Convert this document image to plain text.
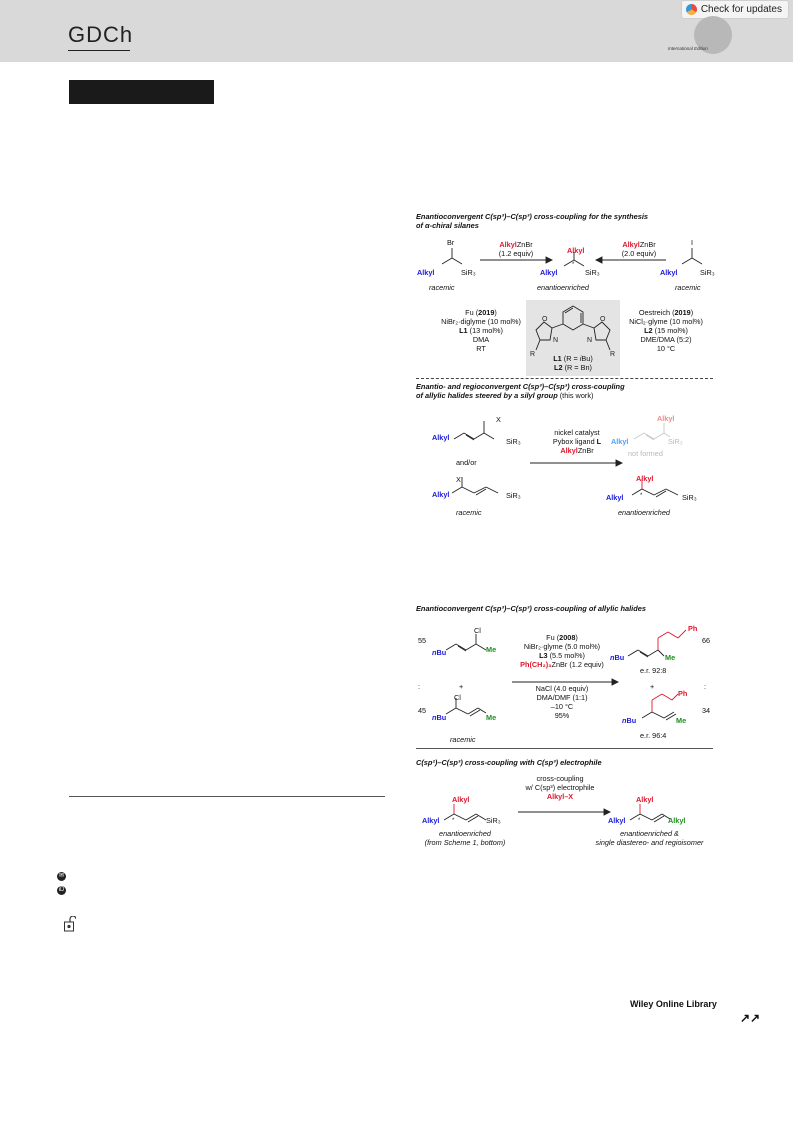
GDCh
Check for updates
International Edition
Enantioconvergent C(sp³)–C(sp³) cross-coupling for the synthesis
of α-chiral silanes
Br
Alkyl	SiR₃
racemic
AlkylZnBr
(1.2 equiv)	Alkyl
Alkyl	SiR₃
enantioenriched
AlkylZnBr
(2.0 equiv)
I
Alkyl	SiR₃
racemic
*
Fu (2019)
NiBr₂·diglyme (10 mol%)
L1 (13 mol%)
DMA
RT
O	O
N	N
R	R
L1 (R = iBu)
L2 (R = Bn)
Oestreich (2019)
NiCl₂·glyme (10 mol%)
L2 (15 mol%)
DME/DMA (5:2)
10 °C
Enantio- and regioconvergent C(sp³)–C(sp³) cross-coupling
of allylic halides steered by a silyl group (this work)
X
Alkyl	SiR₃
and/or
X
Alkyl	SiR₃
racemic
nickel catalyst
Pybox ligand L
AlkylZnBr
Alkyl
Alkyl	SiR₃
not formed
Alkyl
Alkyl	SiR₃
enantioenriched
*
Enantioconvergent C(sp³)–C(sp³) cross-coupling of allylic halides
55
:
45
+
Cl
nBu	Me
Cl
nBu	Me
racemic
Fu (2008)
NiBr₂·glyme (5.0 mol%)
L3 (5.5 mol%)
Ph(CH₂)₃ZnBr (1.2 equiv)
NaCl (4.0 equiv)
DMA/DMF (1:1)
–10 °C
95%
Ph
nBu	Me
e.r. 92:8
+
Ph
nBu	Me
e.r. 96:4
66
:
34
C(sp²)–C(sp³) cross-coupling with C(sp³) electrophile
cross-coupling
w/ C(sp³) electrophile
Alkyl–X
Alkyl
Alkyl	SiR₃
enantioenriched
(from Scheme 1, bottom)
Alkyl
Alkyl	Alkyl
enantioenriched &
single diastereo- and regioisomer
*	*
✉
iD
Wiley Online Library
↗↗
